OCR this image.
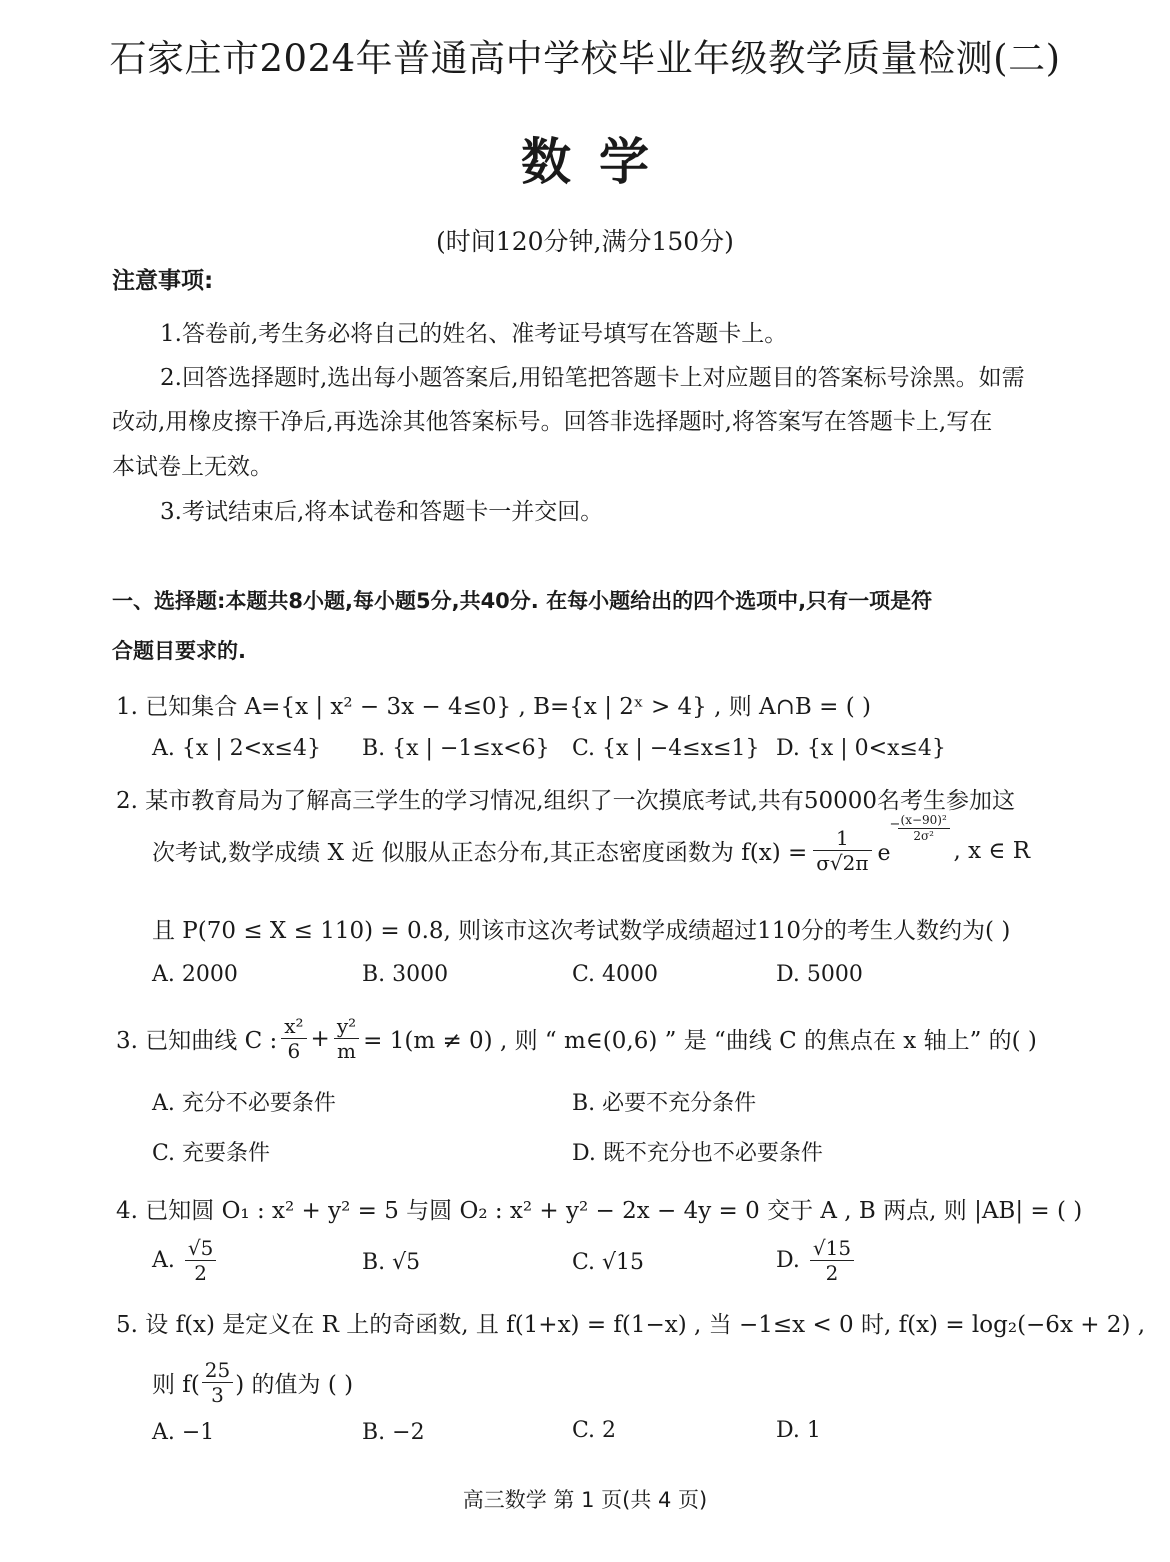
石家庄市2024年普通高中学校毕业年级教学质量检测(二)
数学
(时间120分钟,满分150分)
注意事项:
1.答卷前,考生务必将自己的姓名、准考证号填写在答题卡上。
2.回答选择题时,选出每小题答案后,用铅笔把答题卡上对应题目的答案标号涂黑。如需
改动,用橡皮擦干净后,再选涂其他答案标号。回答非选择题时,将答案写在答题卡上,写在
本试卷上无效。
3.考试结束后,将本试卷和答题卡一并交回。
一、选择题:本题共8小题,每小题5分,共40分. 在每小题给出的四个选项中,只有一项是符
合题目要求的.
1. 已知集合 A={x | x² − 3x − 4≤0} , B={x | 2ˣ > 4} , 则 A∩B = ( )
A. {x | 2<x≤4} B. {x | −1≤x<6} C. {x | −4≤x≤1} D. {x | 0<x≤4}
2. 某市教育局为了解高三学生的学习情况,组织了一次摸底考试,共有50000名考生参加这
次考试,数学成绩 X 近 似服从正态分布,其正态密度函数为 $f(x) = \frac{1}{\sigma√2\pi}$ e
−
$\frac{\text{(x−90)²}}{\text{2σ²}}$
, x ∈ R
且 P(70 ≤ X ≤ 110) = 0.8, 则该市这次考试数学成绩超过110分的考生人数约为( )
A. 2000	B. 3000	C. 4000	D. 5000
3. 已知曲线 C : $\frac{\text{x²}}{6} + \frac{\text{y²}}{m} = 1(m \ne 0)$ , 则 “ m∈(0,6) ” 是 “曲线 C 的焦点在 x 轴上” 的( )
A. 充分不必要条件	B. 必要不充分条件
C. 充要条件	D. 既不充分也不必要条件
4. 已知圆 O₁ : x² + y² = 5 与圆 O₂ : x² + y² − 2x − 4y = 0 交于 A , B 两点, 则 |AB| = ( )
A. $\frac{√5}{2}$	B. √5	C. √15	D. $\frac{√15}{2}$
5. 设 f(x) 是定义在 R 上的奇函数, 且 f(1+x) = f(1−x) , 当 −1≤x < 0 时, f(x) = log₂(−6x + 2) ,
则 $f( \frac{25}{3}$ ) 的值为 ( )
A. −1	B. −2	C. 2	D. 1
高三数学 第 1 页(共 4 页)
